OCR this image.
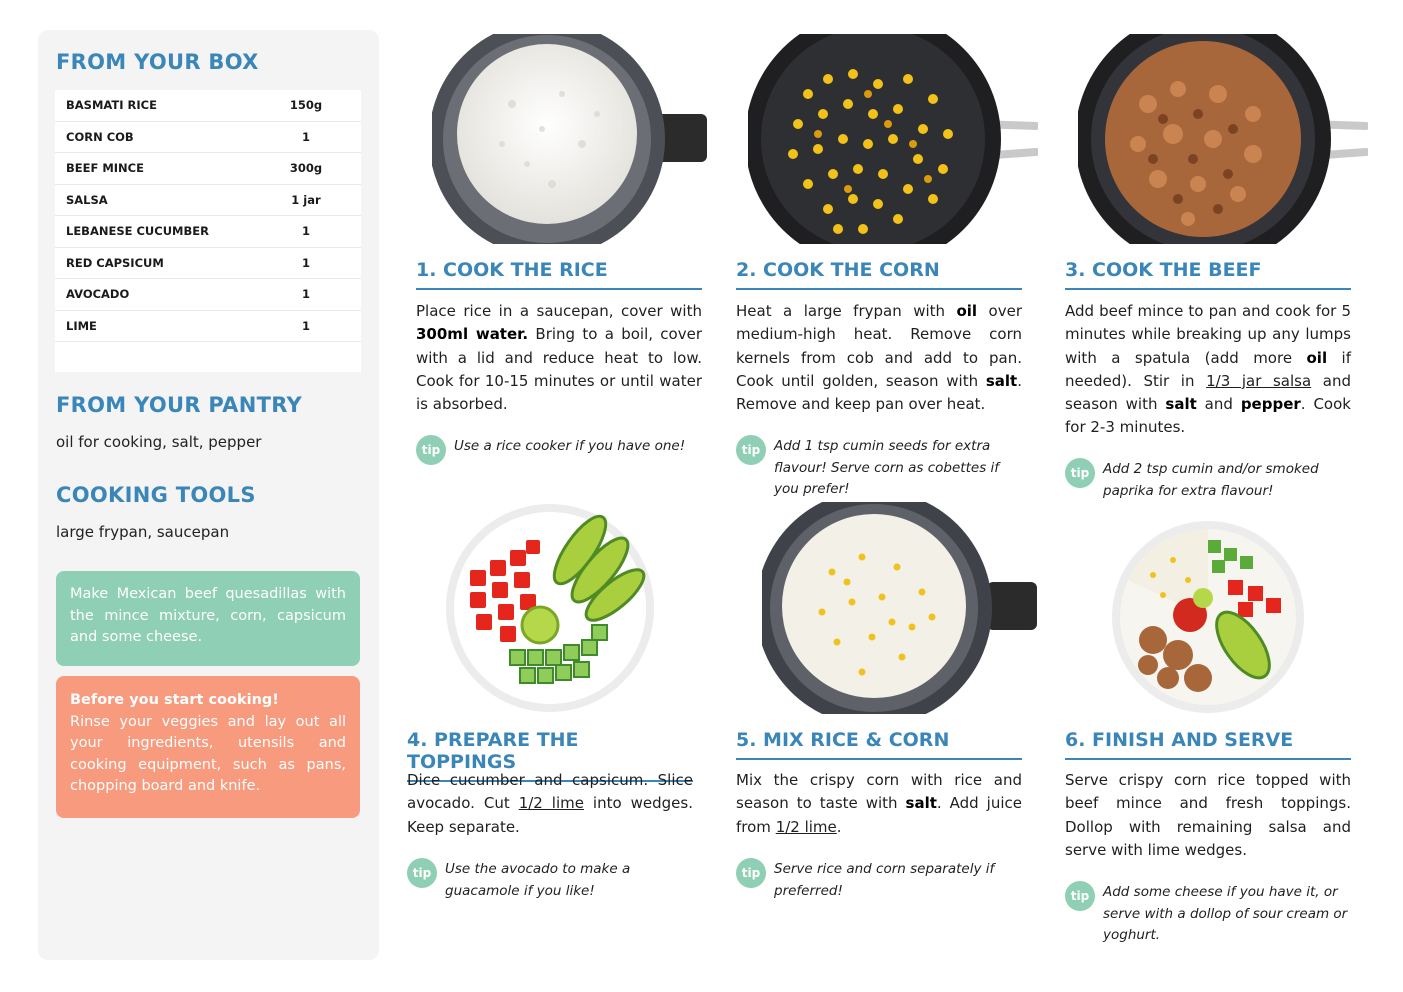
FROM YOUR BOX
BASMATI RICE	150g
CORN COB	1
BEEF MINCE	300g
SALSA	1 jar
LEBANESE CUCUMBER	1
RED CAPSICUM	1
AVOCADO	1
LIME	1

FROM YOUR PANTRY

oil for cooking, salt, pepper

COOKING TOOLS

large frypan, saucepan

Make Mexican beef quesadillas with the mince mixture, corn, capsicum and some cheese.
Before you start cooking!
Rinse your veggies and lay out all your ingredients, utensils and cooking equipment, such as pans, chopping board and knife.
1. COOK THE RICE	2. COOK THE CORN	3. COOK THE BEEF
4. PREPARE THE TOPPINGS
5. MIX RICE & CORN	6. FINISH AND SERVE

Place rice in a saucepan, cover with 300ml water. Bring to a boil, cover with a lid and reduce heat to low. Cook for 10-15 minutes or until water is absorbed.

Heat a large frypan with oil over medium-high heat. Remove corn kernels from cob and add to pan. Cook until golden, season with salt. Remove and keep pan over heat.

Add beef mince to pan and cook for 5 minutes while breaking up any lumps with a spatula (add more oil if needed). Stir in 1/3 jar salsa and season with salt and pepper. Cook for 2-3 minutes.

Dice cucumber and capsicum. Slice avocado. Cut 1/2 lime into wedges. Keep separate.

Mix the crispy corn with rice and season to taste with salt. Add juice from 1/2 lime.

Serve crispy corn rice topped with beef mince and fresh toppings. Dollop with remaining salsa and serve with lime wedges.

tip	Use a rice cooker if you have one!	tip	Add 1 tsp cumin seeds for extra flavour! Serve corn as cobettes if you prefer!
tip	Add 2 tsp cumin and/or smoked paprika for extra flavour!
tip	Use the avocado to make a guacamole if you like!
tip	Serve rice and corn separately if preferred!	tip	Add some cheese if you have it, or serve with a dollop of sour cream or yoghurt.
